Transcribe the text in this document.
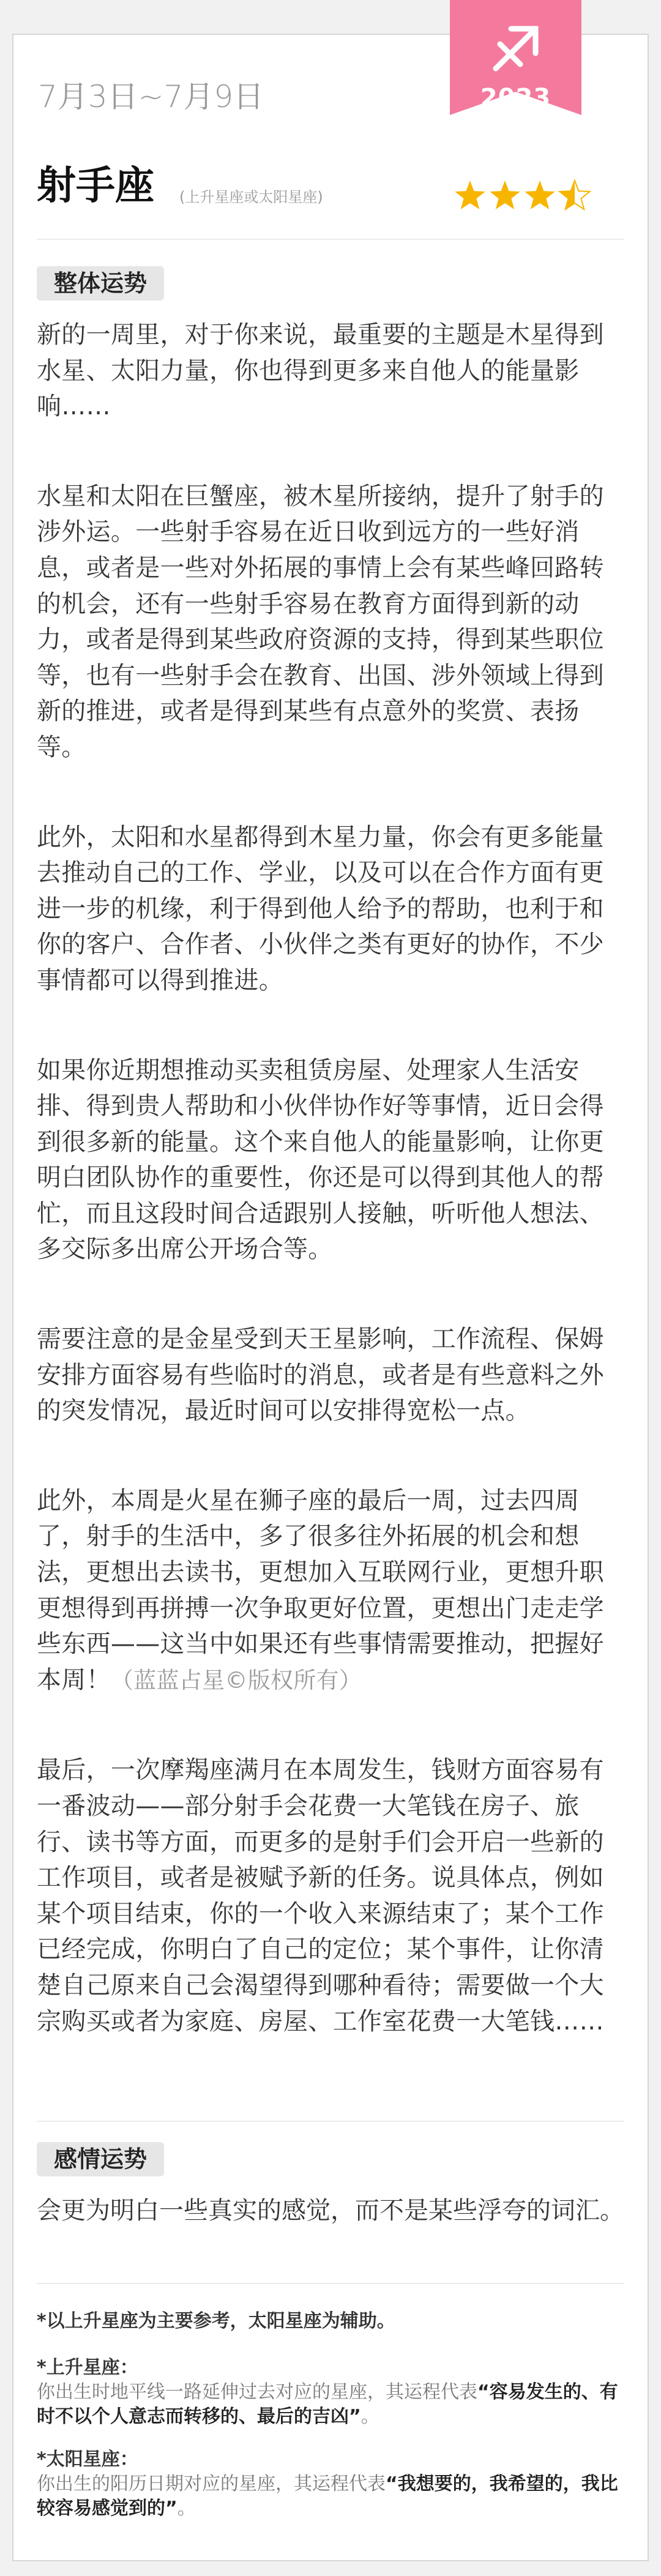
2023
7月3日~7月9日
射手座 (上升星座或太阳星座)
整体运势

新的一周里，对于你来说，最重要的主题是木星得到水星、太阳力量，你也得到更多来自他人的能量影响……

水星和太阳在巨蟹座，被木星所接纳，提升了射手的涉外运。一些射手容易在近日收到远方的一些好消息，或者是一些对外拓展的事情上会有某些峰回路转的机会，还有一些射手容易在教育方面得到新的动力，或者是得到某些政府资源的支持，得到某些职位等，也有一些射手会在教育、出国、涉外领域上得到新的推进，或者是得到某些有点意外的奖赏、表扬等。

此外，太阳和水星都得到木星力量，你会有更多能量去推动自己的工作、学业，以及可以在合作方面有更进一步的机缘，利于得到他人给予的帮助，也利于和你的客户、合作者、小伙伴之类有更好的协作，不少事情都可以得到推进。

如果你近期想推动买卖租赁房屋、处理家人生活安排、得到贵人帮助和小伙伴协作好等事情，近日会得到很多新的能量。这个来自他人的能量影响，让你更明白团队协作的重要性，你还是可以得到其他人的帮忙，而且这段时间合适跟别人接触，听听他人想法、多交际多出席公开场合等。

需要注意的是金星受到天王星影响，工作流程、保姆安排方面容易有些临时的消息，或者是有些意料之外的突发情况，最近时间可以安排得宽松一点。

此外，本周是火星在狮子座的最后一周，过去四周了，射手的生活中，多了很多往外拓展的机会和想法，更想出去读书，更想加入互联网行业，更想升职更想得到再拼搏一次争取更好位置，更想出门走走学些东西——这当中如果还有些事情需要推动，把握好本周！（蓝蓝占星©版权所有）

最后，一次摩羯座满月在本周发生，钱财方面容易有一番波动——部分射手会花费一大笔钱在房子、旅行、读书等方面，而更多的是射手们会开启一些新的工作项目，或者是被赋予新的任务。说具体点，例如某个项目结束，你的一个收入来源结束了；某个工作已经完成，你明白了自己的定位；某个事件，让你清楚自己原来自己会渴望得到哪种看待；需要做一个大宗购买或者为家庭、房屋、工作室花费一大笔钱……

感情运势
会更为明白一些真实的感觉，而不是某些浮夸的词汇。
*以上升星座为主要参考，太阳星座为辅助。
*上升星座：
你出生时地平线一路延伸过去对应的星座，其运程代表“容易发生的、有时不以个人意志而转移的、最后的吉凶”。
*太阳星座：
你出生的阳历日期对应的星座，其运程代表“我想要的，我希望的，我比较容易感觉到的”。
